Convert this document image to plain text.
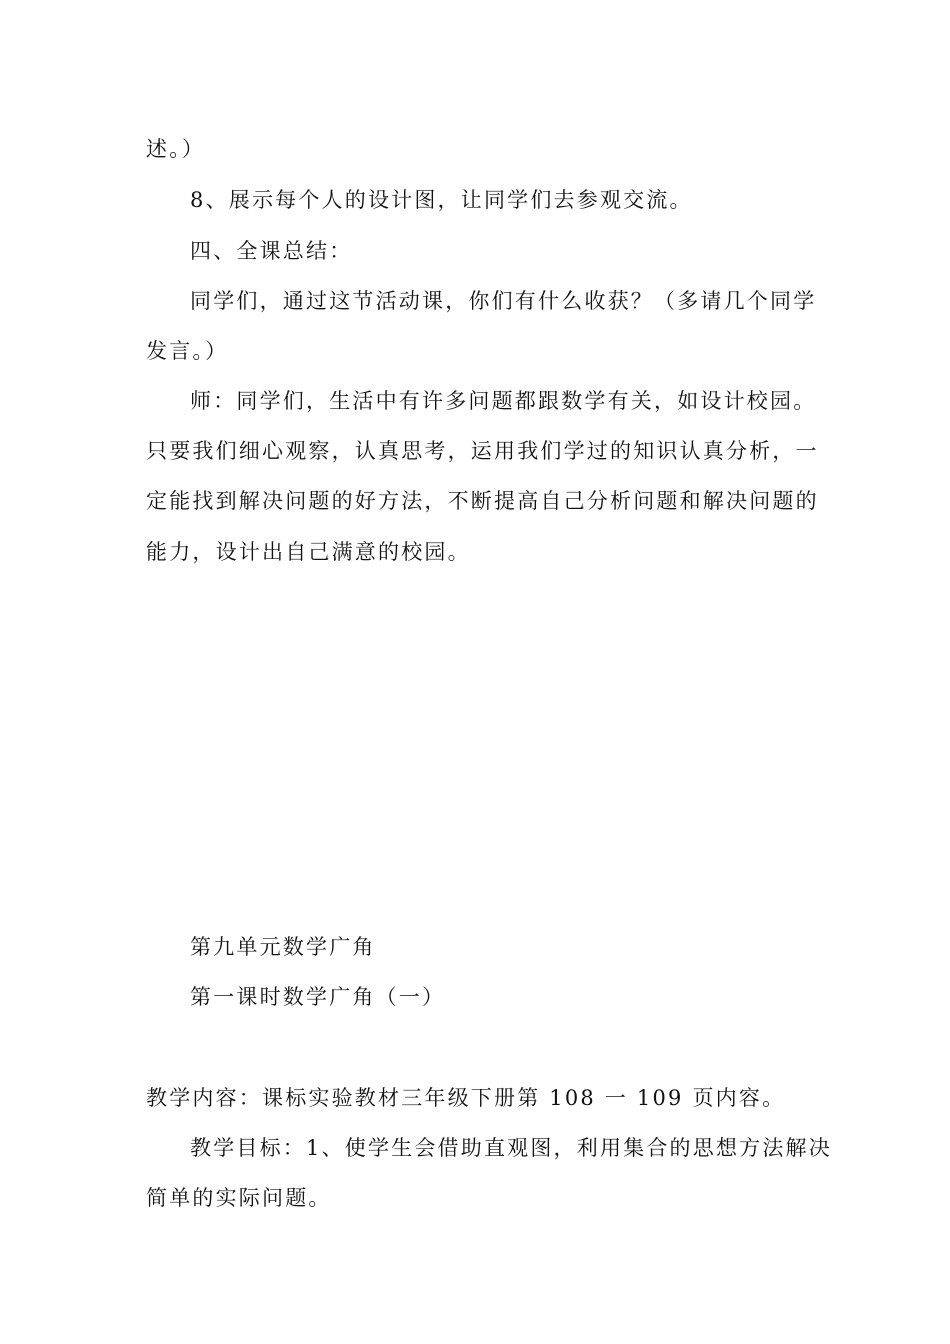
述。）
8、展示每个人的设计图，让同学们去参观交流。
四、全课总结：
同学们，通过这节活动课，你们有什么收获？（多请几个同学
发言。）
师：同学们，生活中有许多问题都跟数学有关，如设计校园。
只要我们细心观察，认真思考，运用我们学过的知识认真分析，一
定能找到解决问题的好方法，不断提高自己分析问题和解决问题的
能力，设计出自己满意的校园。
第九单元数学广角
第一课时数学广角（一）
教学内容：课标实验教材三年级下册第 108 一 109 页内容。
教学目标：1、使学生会借助直观图，利用集合的思想方法解决
简单的实际问题。
